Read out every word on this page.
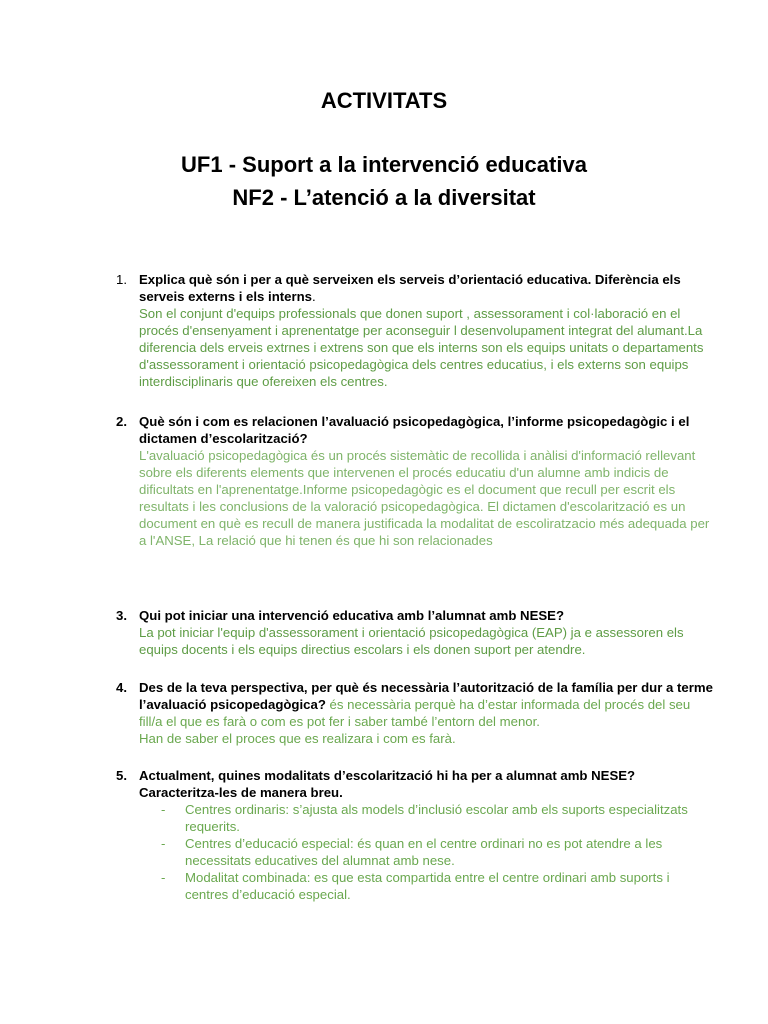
ACTIVITATS
UF1 - Suport a la intervenció educativa
NF2 - L’atenció a la diversitat
1. Explica què són i per a què serveixen els serveis d’orientació educativa. Diferència els serveis externs i els interns.
Son el conjunt d'equips professionals que donen suport , assessorament i col·laboració en el procés d'ensenyament i aprenentatge per aconseguir l desenvolupament integrat del alumant.La diferencia dels erveis extrnes i extrens son que els interns son els equips unitats o departaments d'assessorament i orientació psicopedagògica dels centres educatius, i els externs son equips interdisciplinaris que ofereixen els centres.
2. Què són i com es relacionen l’avaluació psicopedagògica, l’informe psicopedagògic i el dictamen d’escolarització?
L'avaluació psicopedagògica és un procés sistemàtic de recollida i anàlisi d'informació rellevant sobre els diferents elements que intervenen el procés educatiu d'un alumne amb indicis de dificultats en l'aprenentatge.Informe psicopedagògic es el document que recull per escrit els resultats i les conclusions de la valoració psicopedagògica. El dictamen d'escolarització es un document en què es recull de manera justificada la modalitat de escoliratzacio més adequada per a l'ANSE, La relació que hi tenen és que hi son relacionades
3. Qui pot iniciar una intervenció educativa amb l’alumnat amb NESE?
La pot iniciar l'equip d'assessorament i orientació psicopedagògica (EAP) ja e assessoren els equips docents i els equips directius escolars i els donen suport per atendre.
4. Des de la teva perspectiva, per què és necessària l’autorització de la família per dur a terme l’avaluació psicopedagògica? és necessària perquè ha d’estar informada del procés del seu fill/a el que es farà o com es pot fer i saber també l’entorn del menor.
Han de saber el proces que es realizara i com es farà.
5. Actualment, quines modalitats d’escolarització hi ha per a alumnat amb NESE? Caracteritza-les de manera breu.
- Centres ordinaris: s’ajusta als models d’inclusió escolar amb els suports especialitzats requerits.
- Centres d’educació especial: és quan en el centre ordinari no es pot atendre a les necessitats educatives del alumnat amb nese.
- Modalitat combinada: es que esta compartida entre el centre ordinari amb suports i centres d’educació especial.
